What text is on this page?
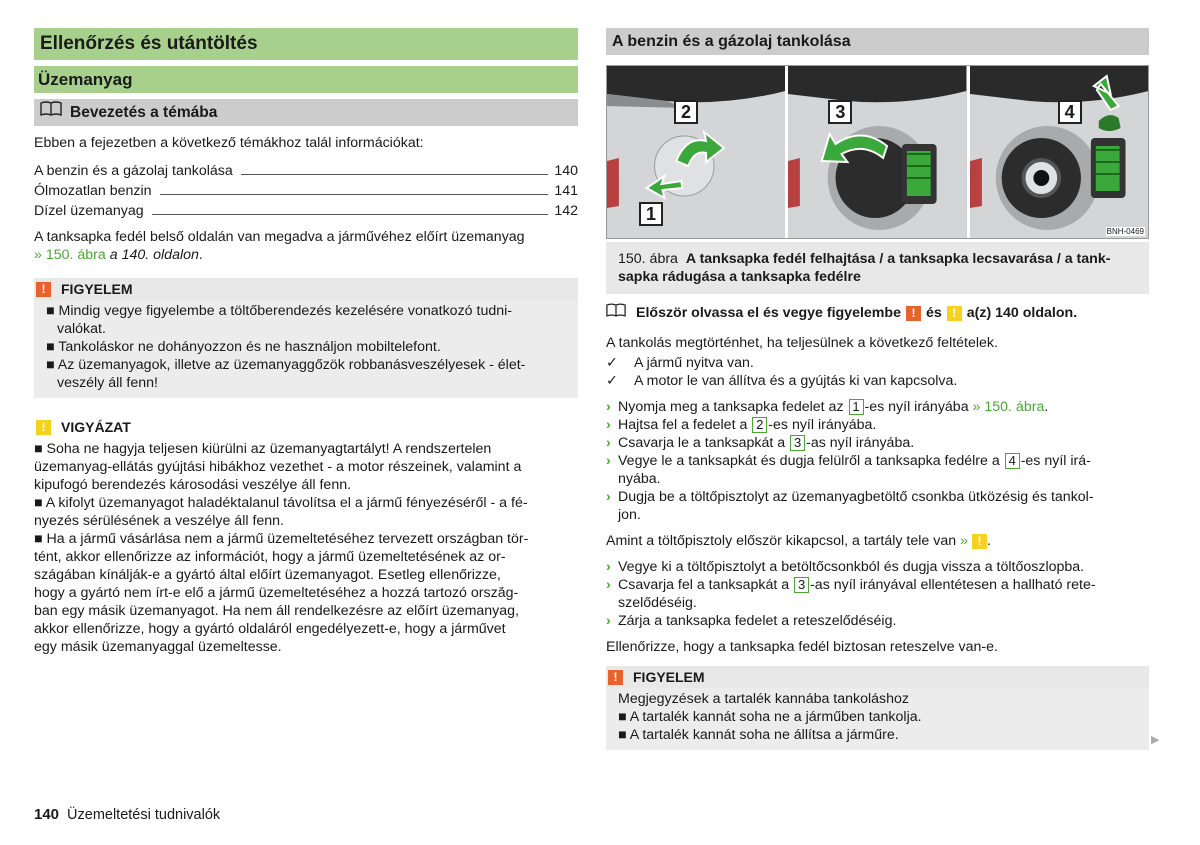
Ellenőrzés és utántöltés
Üzemanyag
Bevezetés a témába

Ebben a fejezetben a következő témákhoz talál információkat:

A benzin és a gázolaj tankolása	140
Ólmozatlan benzin	141
Dízel üzemanyag	142

A tanksapka fedél belső oldalán van megadva a járművéhez előírt üzemanyag
» 150. ábra a 140. oldalon.

!	FIGYELEM
■ Mindig vegye figyelembe a töltőberendezés kezelésére vonatkozó tudni-
valókat.
■ Tankoláskor ne dohányozzon és ne használjon mobiltelefont.
■ Az üzemanyagok, illetve az üzemanyaggőzök robbanásveszélyesek - élet-
veszély áll fenn!
!	VIGYÁZAT
■ Soha ne hagyja teljesen kiürülni az üzemanyagtartályt! A rendszertelen
üzemanyag-ellátás gyújtási hibákhoz vezethet - a motor részeinek, valamint a
kipufogó berendezés károsodási veszélye áll fenn.
■ A kifolyt üzemanyagot haladéktalanul távolítsa el a jármű fényezéséről - a fé-
nyezés sérülésének a veszélye áll fenn.
■ Ha a jármű vásárlása nem a jármű üzemeltetéséhez tervezett országban tör-
tént, akkor ellenőrizze az információt, hogy a jármű üzemeltetésének az or-
szágában kínálják-e a gyártó által előírt üzemanyagot. Esetleg ellenőrizze,
hogy a gyártó nem írt-e elő a jármű üzemeltetéséhez a hozzá tartozó orszá̈g-
ban egy másik üzemanyagot. Ha nem áll rendelkezésre az előírt üzemanyag,
akkor ellenőrizze, hogy a gyártó oldaláról engedélyezett-e, hogy a járművet
egy másik üzemanyaggal üzemeltesse.
A benzin és a gázolaj tankolása
2
1
3	4
BNH-0469
150. ábra A tanksapka fedél felhajtása / a tanksapka lecsavarása / a tank-
sapka rádugása a tanksapka fedélre
Először olvassa el és vegye figyelembe ! és ! a(z) 140 oldalon.

A tankolás megtörténhet, ha teljesülnek a következő feltételek.

✓	A jármű nyitva van.
✓	A motor le van állítva és a gyújtás ki van kapcsolva.
› Nyomja meg a tanksapka fedelet az 1 -es nyíl irányába » 150. ábra.
› Hajtsa fel a fedelet a 2 -es nyíl irányába.
› Csavarja le a tanksapkát a 3 -as nyíl irányába.
› Vegye le a tanksapkát és dugja felülről a tanksapka fedélre a 4 -es nyíl irá-
nyába.
› Dugja be a töltőpisztolyt az üzemanyagbetöltő csonkba ütközésig és tankol-
jon.

Amint a töltőpisztoly először kikapcsol, a tartály tele van » ! .

› Vegye ki a töltőpisztolyt a betöltőcsonkból és dugja vissza a töltőoszlopba.
› Csavarja fel a tanksapkát a 3 -as nyíl irányával ellentétesen a hallható rete-
szelődéséig.
› Zárja a tanksapka fedelet a reteszelődéséig.

Ellenőrizze, hogy a tanksapka fedél biztosan reteszelve van-e.

!	FIGYELEM
Megjegyzések a tartalék kannába tankoláshoz
■ A tartalék kannát soha ne a járműben tankolja.
■ A tartalék kannát soha ne állítsa a járműre.	▶
140 Üzemeltetési tudnivalók
